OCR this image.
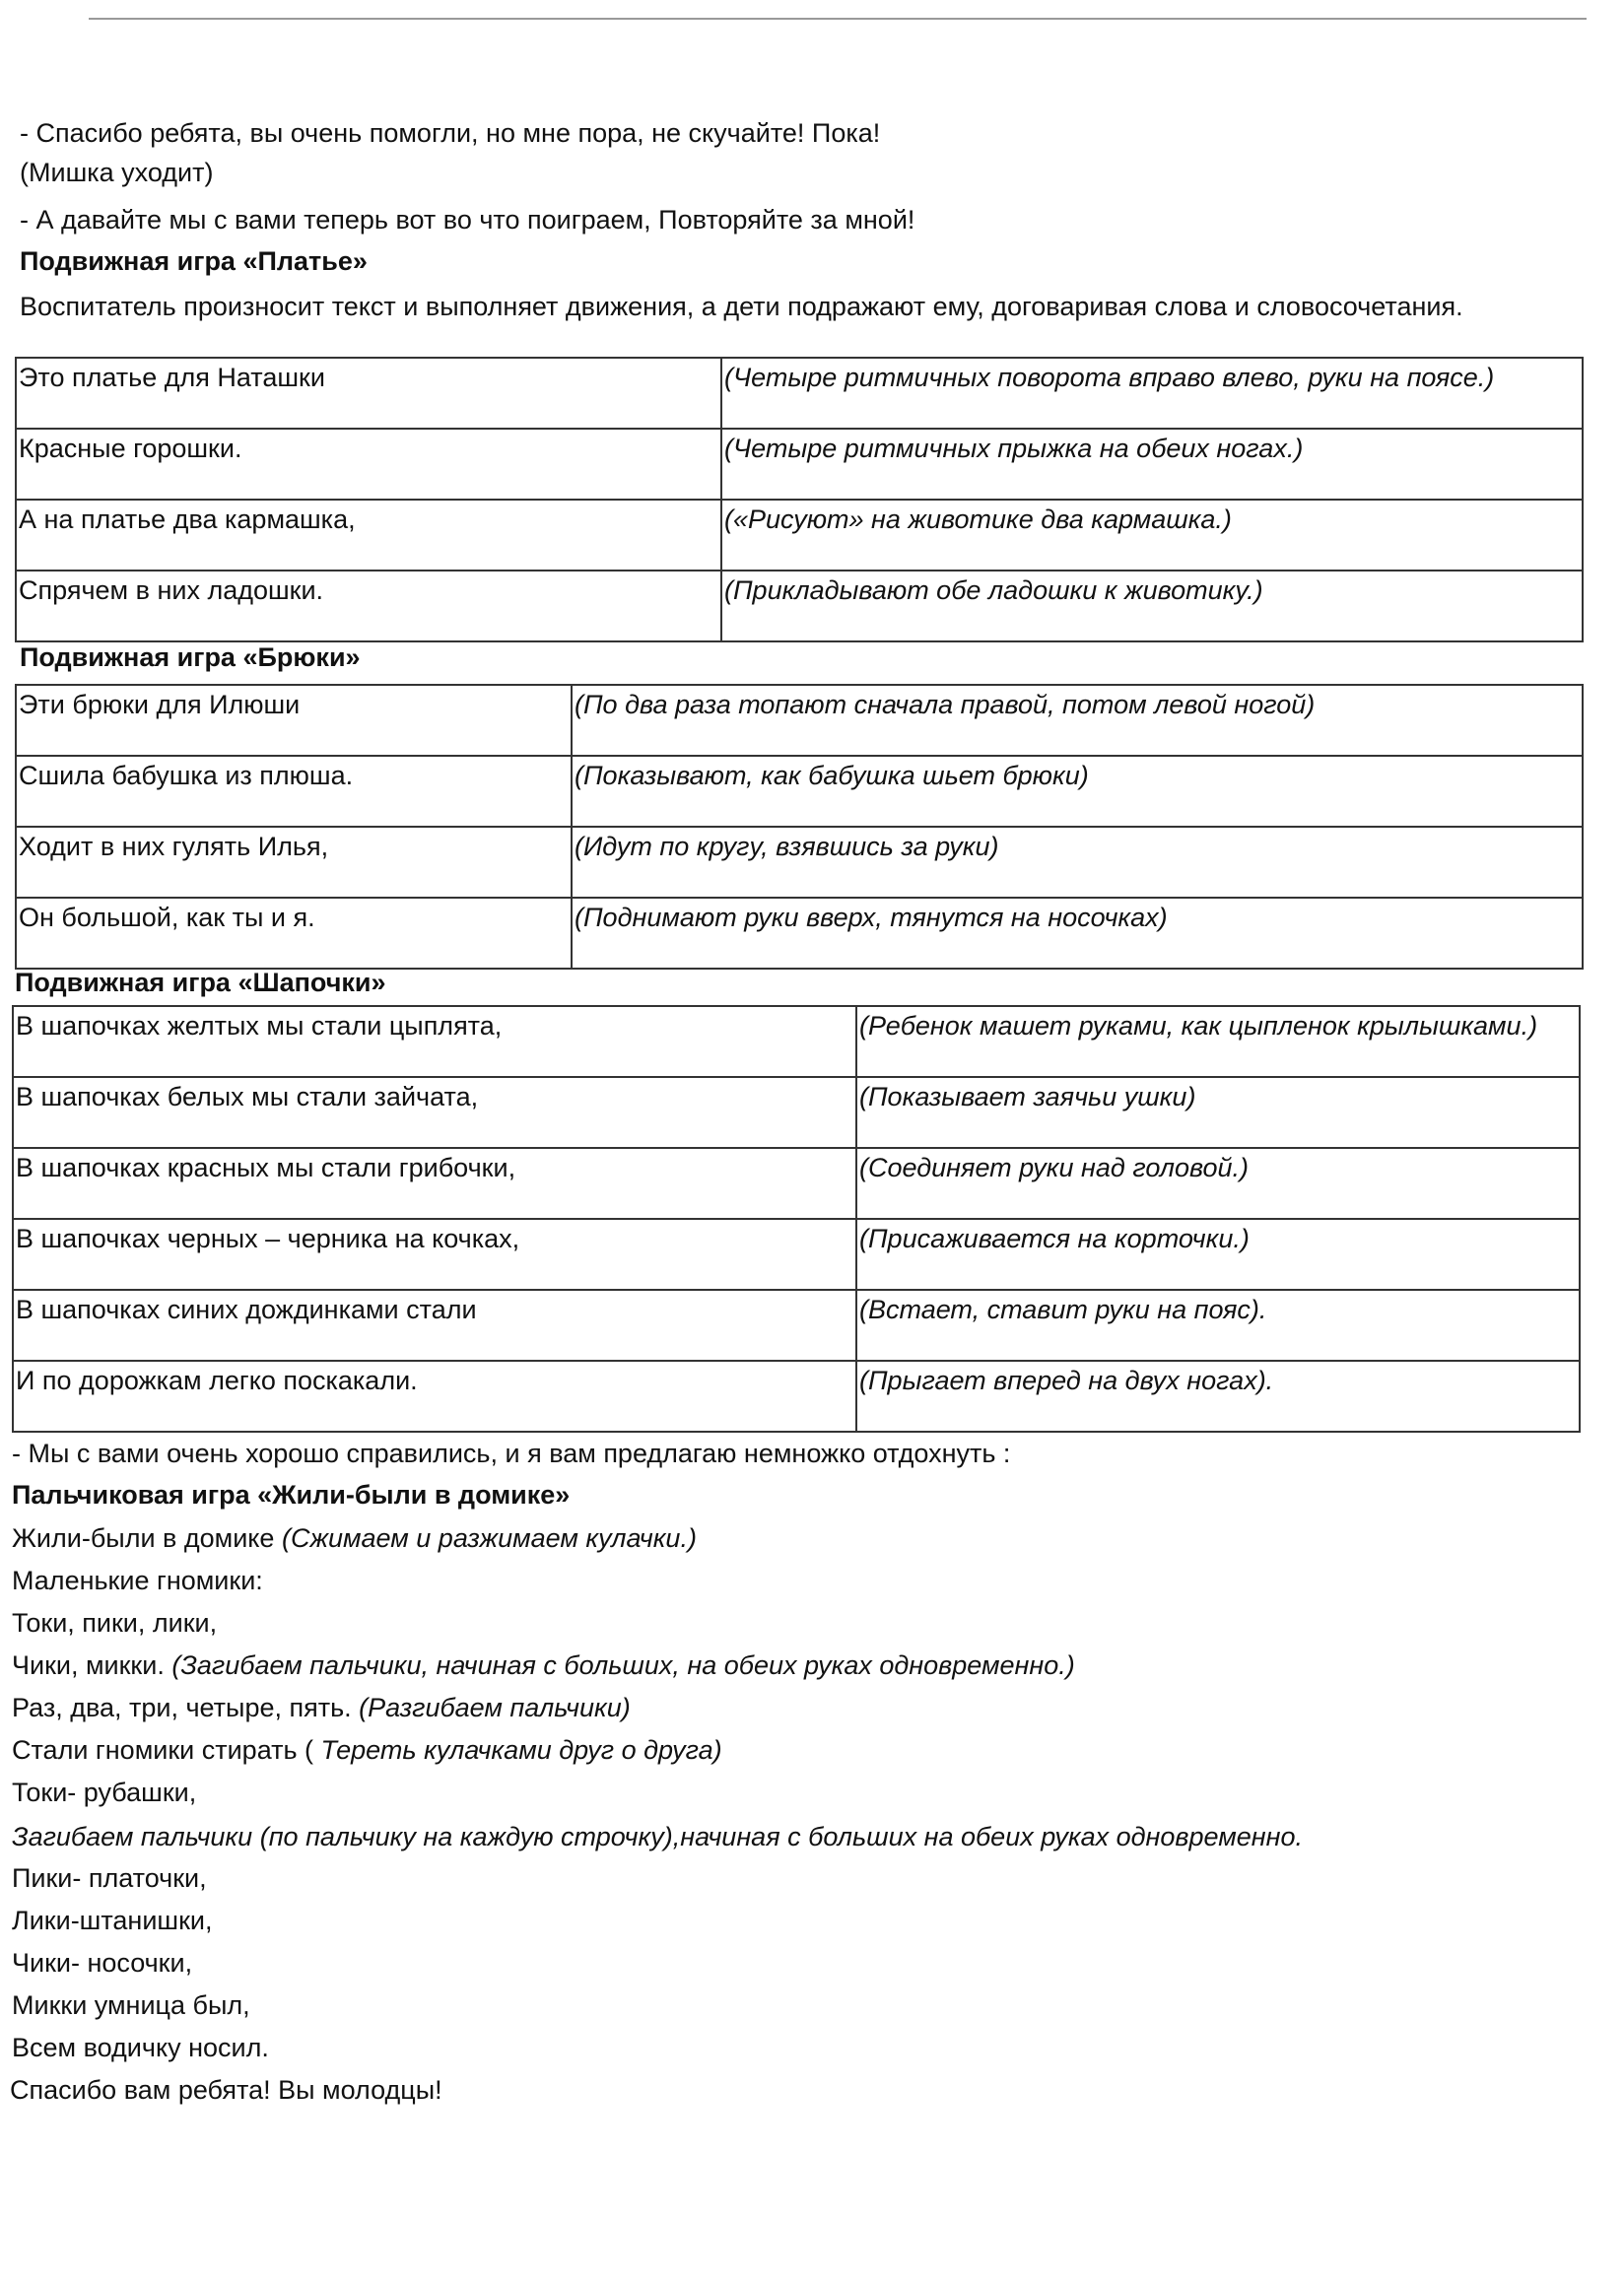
- Спасибо ребята, вы очень помогли, но мне пора, не скучайте! Пока!
(Мишка уходит)
- А давайте мы с вами теперь вот во что поиграем, Повторяйте за мной!
Подвижная игра «Платье»
Воспитатель произносит текст и выполняет движения, а дети подражают ему, договаривая слова и словосочетания.
Это платье для Наташки	(Четыре ритмичных поворота вправо влево, руки на поясе.)
Красные горошки.	(Четыре ритмичных прыжка на обеих ногах.)
А на платье два кармашка,	(«Рисуют» на животике два кармашка.)
Спрячем в них ладошки.	(Прикладывают обе ладошки к животику.)
Подвижная игра «Брюки»
Эти брюки для Илюши	(По два раза топают сначала правой, потом левой ногой)
Сшила бабушка из плюша.	(Показывают, как бабушка шьет брюки)
Ходит в них гулять Илья,	(Идут по кругу, взявшись за руки)
Он большой, как ты и я.	(Поднимают руки вверх, тянутся на носочках)
Подвижная игра «Шапочки»
В шапочках желтых мы стали цыплята,	(Ребенок машет руками, как цыпленок крылышками.)
В шапочках белых мы стали зайчата,	(Показывает заячьи ушки)
В шапочках красных мы стали грибочки,	(Соединяет руки над головой.)
В шапочках черных – черника на кочках,	(Присаживается на корточки.)
В шапочках синих дождинками стали	(Встает, ставит руки на пояс).
И по дорожкам легко поскакали.	(Прыгает вперед на двух ногах).
- Мы с вами очень хорошо справились, и я вам предлагаю немножко отдохнуть :
Пальчиковая игра «Жили-были в домике»
Жили-были в домике (Сжимаем и разжимаем кулачки.)
Маленькие гномики:
Токи, пики, лики,
Чики, микки. (Загибаем пальчики, начиная с больших, на обеих руках одновременно.)
Раз, два, три, четыре, пять. (Разгибаем пальчики)
Стали гномики стирать ( Тереть кулачками друг о друга)
Токи- рубашки,
Загибаем пальчики (по пальчику на каждую строчку),начиная с больших на обеих руках одновременно.
Пики- платочки,
Лики-штанишки,
Чики- носочки,
Микки умница был,
Всем водичку носил.
Спасибо вам ребята! Вы молодцы!
